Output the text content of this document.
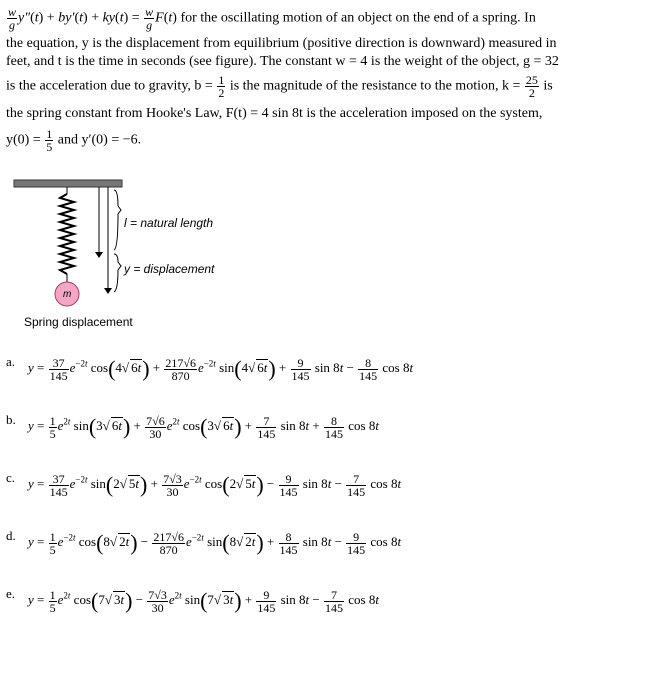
$\frac{w}{g} y''(t) + by'(t) + ky(t) = \frac{w}{g} F(t)$ for the oscillating motion of an object on the end of a spring. In
the equation, y is the displacement from equilibrium (positive direction is downward) measured in
feet, and t is the time in seconds (see figure). The constant w = 4 is the weight of the object, g = 32
is the acceleration due to gravity, $b = \frac{1}{2}$ is the magnitude of the resistance to the motion, $k = \frac{25}{2}$ is
the spring constant from Hooke's Law, F(t) = 4 sin 8t is the acceleration imposed on the system,
$y(0) = \frac{1}{5}$ and y′(0) = −6.
l = natural length
y = displacement
m
Spring displacement
a. $y = \frac{37}{145} e^{-2t}$ cos(4√ $6t) + \frac{217√6}{870} e^{-2t}$ sin(4√ $6t) + \frac{9}{145}$ $\sin 8t - \frac{8}{145}$ cos 8t
b. $y = \frac{1}{5} e^{2t}$ sin(3√ $6t) + \frac{7√6}{30} e^{2t}$ cos(3√ $6t) + \frac{7}{145}$ $\sin 8t + \frac{8}{145}$ cos 8t
c. $y = \frac{37}{145} e^{-2t}$ sin(2√ $5t) + \frac{7√3}{30} e^{-2t}$ cos(2√ $5t) - \frac{9}{145}$ $\sin 8t - \frac{7}{145}$ cos 8t
d. $y = \frac{1}{5} e^{-2t}$ cos(8√ $2t) - \frac{217√6}{870} e^{-2t}$ sin(8√ $2t) + \frac{8}{145}$ $\sin 8t - \frac{9}{145}$ cos 8t
e. $y = \frac{1}{5} e^{2t}$ cos(7√ $3t) - \frac{7√3}{30} e^{2t}$ sin(7√ $3t) + \frac{9}{145}$ $\sin 8t - \frac{7}{145}$ cos 8t
